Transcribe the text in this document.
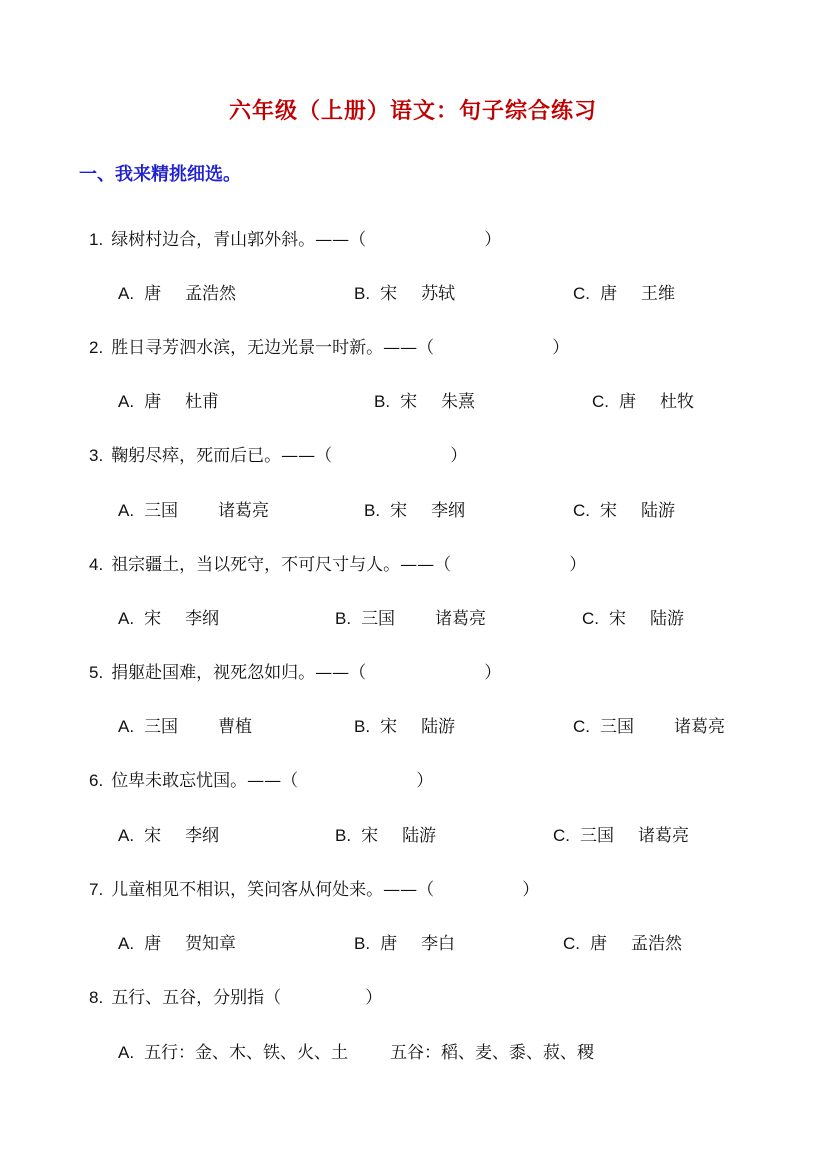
六年级（上册）语文：句子综合练习
一、我来精挑细选。
1. 绿树村边合，青山郭外斜。——（	）
A. 唐 孟浩然	B. 宋 苏轼	C. 唐 王维
2. 胜日寻芳泗水滨，无边光景一时新。——（	）
A. 唐 杜甫	B. 宋 朱熹	C. 唐 杜牧
3. 鞠躬尽瘁，死而后已。——（	）
A. 三国 诸葛亮	B. 宋 李纲	C. 宋 陆游
4. 祖宗疆土，当以死守，不可尺寸与人。——（	）
A. 宋 李纲	B. 三国 诸葛亮	C. 宋 陆游
5. 捐躯赴国难，视死忽如归。——（	）
A. 三国 曹植	B. 宋 陆游	C. 三国 诸葛亮
6. 位卑未敢忘忧国。——（	）
A. 宋 李纲	B. 宋 陆游	C. 三国 诸葛亮
7. 儿童相见不相识，笑问客从何处来。——（	）
A. 唐 贺知章	B. 唐 李白	C. 唐 孟浩然
8. 五行、五谷，分别指（	）
A. 五行：金、木、铁、火、土 五谷：稻、麦、黍、菽、稷
